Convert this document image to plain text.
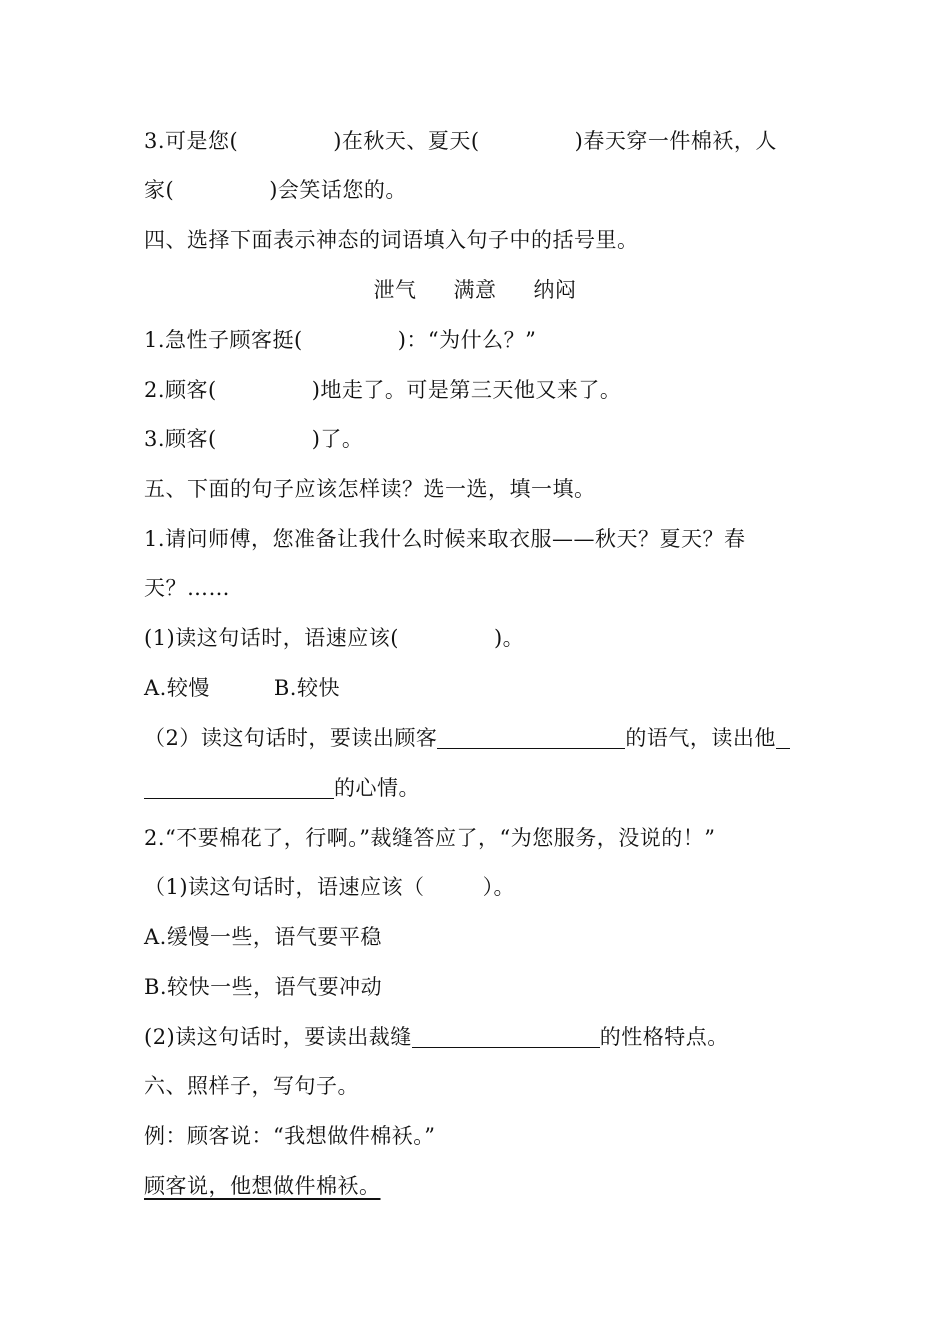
3.可是您(	)在秋天、夏天(	)春天穿一件棉袄，人
家(	)会笑话您的。
四、选择下面表示神态的词语填入句子中的括号里。
泄气 满意 纳闷
1.急性子顾客挺(	)：“为什么？”
2.顾客(	)地走了。可是第三天他又来了。
3.顾客(	)了。
五、下面的句子应该怎样读？选一选，填一填。
1.请问师傅，您准备让我什么时候来取衣服——秋天？夏天？春
天？……
(1)读这句话时，语速应该(	)。
A.较慢	B.较快
（2）读这句话时，要读出顾客	的语气，读出他
的心情。
2.“不要棉花了，行啊。”裁缝答应了，“为您服务，没说的！”
（1)读这句话时，语速应该（	）。
A.缓慢一些，语气要平稳
B.较快一些，语气要冲动
(2)读这句话时，要读出裁缝	的性格特点。
六、照样子，写句子。
例：顾客说：“我想做件棉袄。”
顾客说，他想做件棉袄。
